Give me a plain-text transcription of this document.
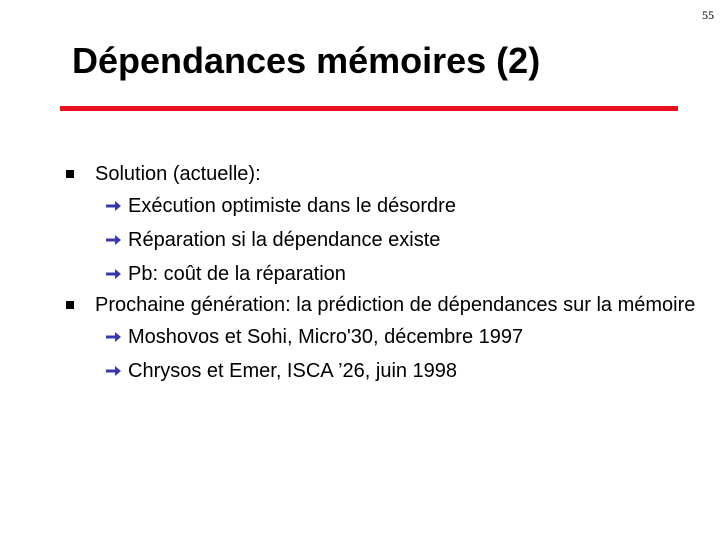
55
Dépendances mémoires (2)

Solution (actuelle):

Exécution optimiste dans le désordre

Réparation si la dépendance existe

Pb: coût de la réparation

Prochaine génération: la prédiction de dépendances sur la mémoire

Moshovos et Sohi, Micro'30, décembre 1997

Chrysos et Emer, ISCA ’26, juin 1998
